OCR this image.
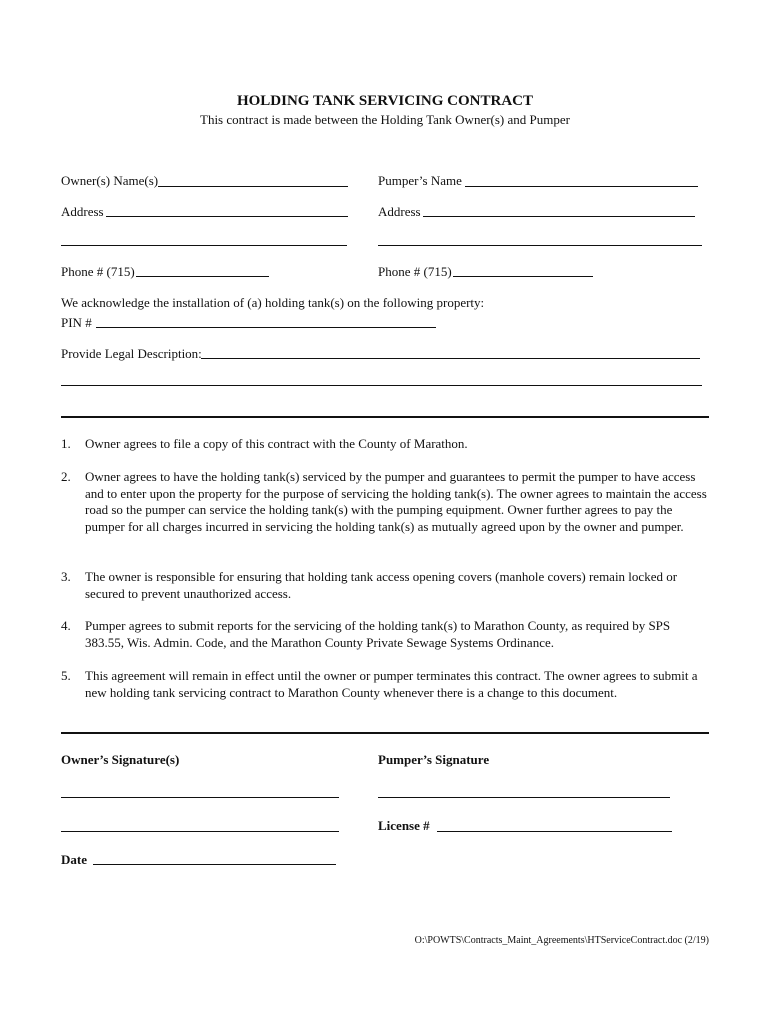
HOLDING TANK SERVICING CONTRACT
This contract is made between the Holding Tank Owner(s) and Pumper
Owner(s) Name(s)	Pumper’s Name
Address	Address
Phone # (715)	Phone # (715)
We acknowledge the installation of (a) holding tank(s) on the following property:
PIN #
Provide Legal Description:
1. Owner agrees to file a copy of this contract with the County of Marathon.
2. Owner agrees to have the holding tank(s) serviced by the pumper and guarantees to permit the pumper to have access and to enter upon the property for the purpose of servicing the holding tank(s). The owner agrees to maintain the access road so the pumper can service the holding tank(s) with the pumping equipment. Owner further agrees to pay the pumper for all charges incurred in servicing the holding tank(s) as mutually agreed upon by the owner and pumper.
3. The owner is responsible for ensuring that holding tank access opening covers (manhole covers) remain locked or secured to prevent unauthorized access.
4. Pumper agrees to submit reports for the servicing of the holding tank(s) to Marathon County, as required by SPS 383.55, Wis. Admin. Code, and the Marathon County Private Sewage Systems Ordinance.
5. This agreement will remain in effect until the owner or pumper terminates this contract. The owner agrees to submit a new holding tank servicing contract to Marathon County whenever there is a change to this document.
Owner’s Signature(s)	Pumper’s Signature
License #
Date
O:\POWTS\Contracts_Maint_Agreements\HTServiceContract.doc (2/19)
